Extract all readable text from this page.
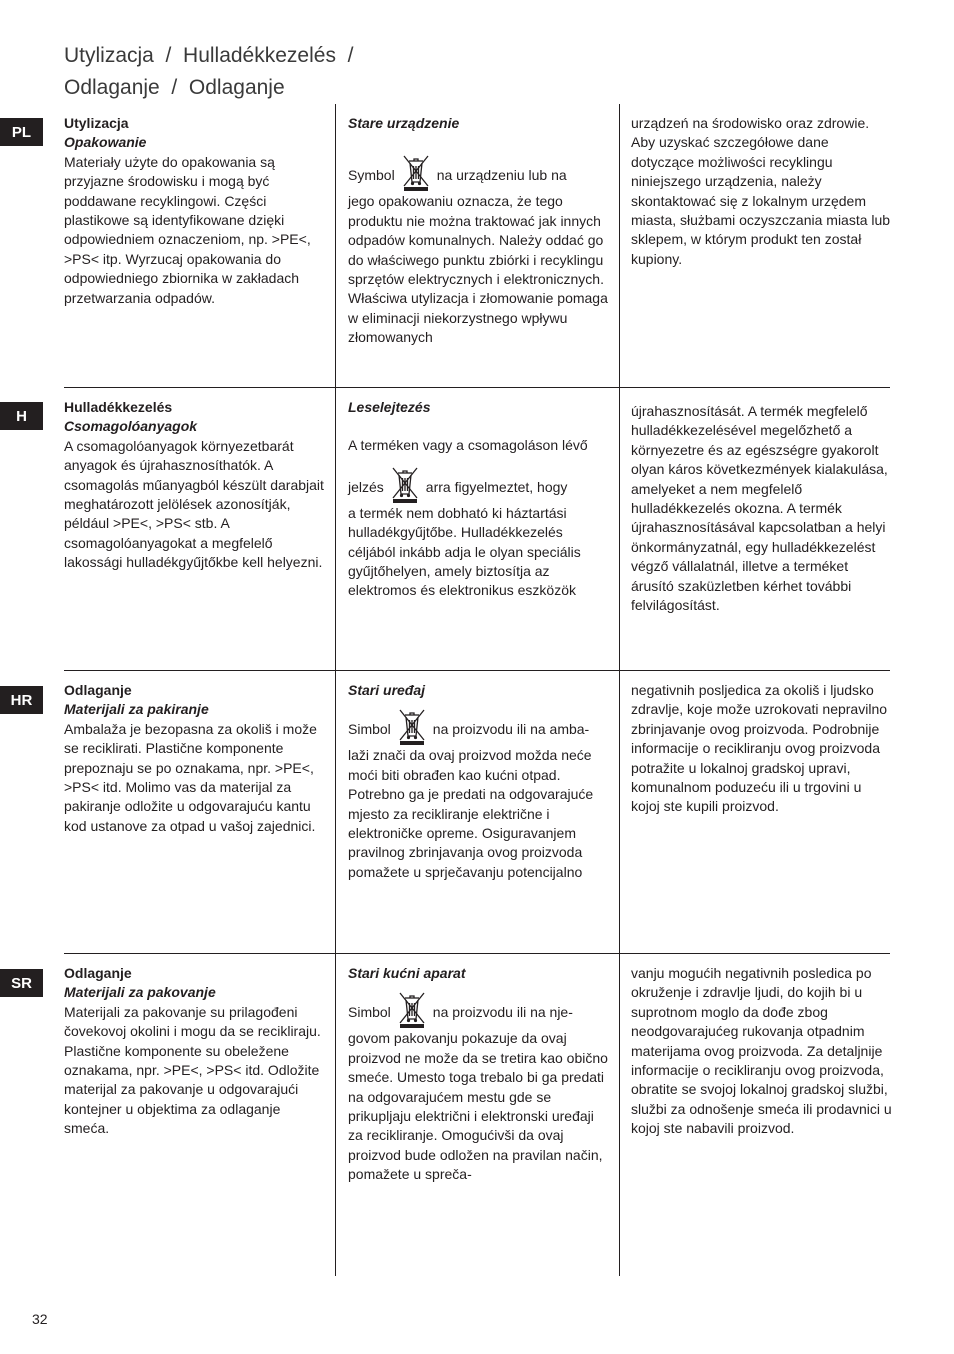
Utylizacja  /  Hulladékkezelés  /
Odlaganje  /  Odlaganje
PL
Utylizacja
Opakowanie
Materiały użyte do opakowania są przyjazne środowisku i mogą być poddawane recyklingowi. Części plastikowe są identyfikowane dzięki odpowiedniem oznaczeniom, np. >PE<, >PS< itp. Wyrzucaj opakowania do odpowiedniego zbiornika w zakładach przetwarzania odpadów.
Stare urządzenie
Symbol	na urządzeniu lub na
jego opakowaniu oznacza, że tego produktu nie można traktować jak innych odpadów komunalnych. Należy oddać go do właściwego punktu zbiórki i recyklingu sprzętów elektrycznych i elektronicznych. Właściwa utylizacja i złomowanie pomaga w eliminacji niekorzystnego wpływu złomowanych
urządzeń na środowisko oraz zdrowie. Aby uzyskać szczegółowe dane dotyczące możliwości recyklingu niniejszego urządzenia, należy skontaktować się z lokalnym urzędem miasta, służbami oczyszczania miasta lub sklepem, w którym produkt ten został kupiony.
H
Hulladékkezelés
Csomagolóanyagok
A csomagolóanyagok környezetbarát anyagok és újrahasznosíthatók. A csomagolás műanyagból készült darabjait meghatározott jelölések azonosítják, például >PE<, >PS< stb. A csomagolóanyagokat a megfelelő lakossági hulladékgyűjtőkbe kell helyezni.
Leselejtezés
A terméken vagy a csomagoláson lévő
jelzés	arra figyelmeztet, hogy
a termék nem dobható ki háztartási hulladékgyűjtőbe. Hulladékkezelés céljából inkább adja le olyan speciális gyűjtőhelyen, amely biztosítja az elektromos és elektronikus eszközök
újrahasznosítását. A termék megfelelő hulladékkezelésével megelőzhető a környezetre és az egészségre gyakorolt olyan káros következmények kialakulása, amelyeket a nem megfelelő hulladékkezelés okozna. A termék újrahasznosításával kapcsolatban a helyi önkormányzatnál, egy hulladékkezelést végző vállalatnál, illetve a terméket árusító szaküzletben kérhet további felvilágosítást.
HR
Odlaganje
Materijali za pakiranje
Ambalaža je bezopasna za okoliš i može se reciklirati. Plastične komponente prepoznaju se po oznakama, npr. >PE<, >PS< itd. Molimo vas da materijal za pakiranje odložite u odgovarajuću kantu kod ustanove za otpad u vašoj zajednici.
Stari uređaj
Simbol	na proizvodu ili na amba-
laži znači da ovaj proizvod možda neće moći biti obrađen kao kućni otpad. Potrebno ga je predati na odgovarajuće mjesto za recikliranje električne i elektroničke opreme. Osiguravanjem pravilnog zbrinjavanja ovog proizvoda pomažete u sprječavanju potencijalno
negativnih posljedica za okoliš i ljudsko zdravlje, koje može uzrokovati nepravilno zbrinjavanje ovog proizvoda. Podrobnije informacije o recikliranju ovog proizvoda potražite u lokalnoj gradskoj upravi, komunalnom poduzeću ili u trgovini u kojoj ste kupili proizvod.
SR
Odlaganje
Materijali za pakovanje
Materijali za pakovanje su prilagođeni čovekovoj okolini i mogu da se recikliraju. Plastične komponente su obeležene oznakama, npr. >PE<, >PS< itd. Odložite materijal za pakovanje u odgovarajući kontejner u objektima za odlaganje smeća.
Stari kućni aparat
Simbol	na proizvodu ili na nje-
govom pakovanju pokazuje da ovaj proizvod ne može da se tretira kao obično smeće. Umesto toga trebalo bi ga predati na odgovarajućem mestu gde se prikupljaju električni i elektronski uređaji za recikliranje. Omogućivši da ovaj proizvod bude odložen na pravilan način, pomažete u spreča-
vanju mogućih negativnih posledica po okruženje i zdravlje ljudi, do kojih bi u suprotnom moglo da dođe zbog neodgovarajućeg rukovanja otpadnim materijama ovog proizvoda. Za detaljnije informacije o recikliranju ovog proizvoda, obratite se svojoj lokalnoj gradskoj službi, službi za odnošenje smeća ili prodavnici u kojoj ste nabavili proizvod.
32
